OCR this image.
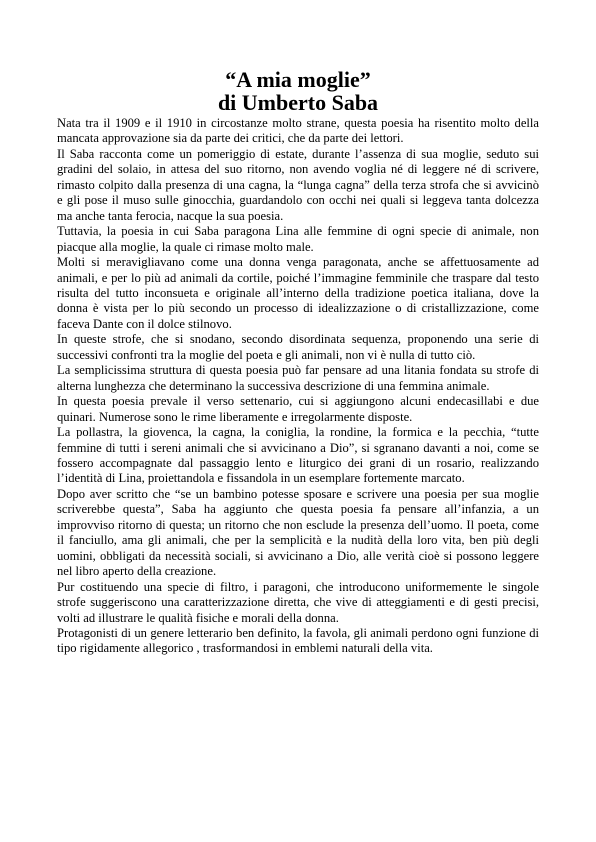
“A mia moglie”
di Umberto Saba

Nata tra il 1909 e il 1910 in circostanze molto strane, questa poesia ha risentito molto della mancata approvazione sia da parte dei critici, che da parte dei lettori.

Il Saba racconta come un pomeriggio di estate, durante l’assenza di sua moglie, seduto sui gradini del solaio, in attesa del suo ritorno, non avendo voglia né di leggere né di scrivere, rimasto colpito dalla presenza di una cagna, la “lunga cagna” della terza strofa che si avvicinò e gli pose il muso sulle ginocchia, guardandolo con occhi nei quali si leggeva tanta dolcezza ma anche tanta ferocia, nacque la sua poesia.

Tuttavia, la poesia in cui Saba paragona Lina alle femmine di ogni specie di animale, non piacque alla moglie, la quale ci rimase molto male.

Molti si meravigliavano come una donna venga paragonata, anche se affettuosamente ad animali, e per lo più ad animali da cortile, poiché l’immagine femminile che traspare dal testo risulta del tutto inconsueta e originale all’interno della tradizione poetica italiana, dove la donna è vista per lo più secondo un processo di idealizzazione o di cristallizzazione, come faceva Dante con il dolce stilnovo.

In queste strofe, che si snodano, secondo disordinata sequenza, proponendo una serie di successivi confronti tra la moglie del poeta e gli animali, non vi è nulla di tutto ciò.

La semplicissima struttura di questa poesia può far pensare ad una litania fondata su strofe di alterna lunghezza che determinano la successiva descrizione di una femmina animale.

In questa poesia prevale il verso settenario, cui si aggiungono alcuni endecasillabi e due quinari. Numerose sono le rime liberamente e irregolarmente disposte.

La pollastra, la giovenca, la cagna, la coniglia, la rondine, la formica e la pecchia, “tutte femmine di tutti i sereni animali che si avvicinano a Dio”, si sgranano davanti a noi, come se fossero accompagnate dal passaggio lento e liturgico dei grani di un rosario, realizzando l’identità di Lina, proiettandola e fissandola in un esemplare fortemente marcato.

Dopo aver scritto che “se un bambino potesse sposare e scrivere una poesia per sua moglie scriverebbe questa”, Saba ha aggiunto che questa poesia fa pensare all’infanzia, a un improvviso ritorno di questa; un ritorno che non esclude la presenza dell’uomo. Il poeta, come il fanciullo, ama gli animali, che per la semplicità e la nudità della loro vita, ben più degli uomini, obbligati da necessità sociali, si avvicinano a Dio, alle verità cioè si possono leggere nel libro aperto della creazione.

Pur costituendo una specie di filtro, i paragoni, che introducono uniformemente le singole strofe suggeriscono una caratterizzazione diretta, che vive di atteggiamenti e di gesti precisi, volti ad illustrare le qualità fisiche e morali della donna.

Protagonisti di un genere letterario ben definito, la favola, gli animali perdono ogni funzione di tipo rigidamente allegorico , trasformandosi in emblemi naturali della vita.
